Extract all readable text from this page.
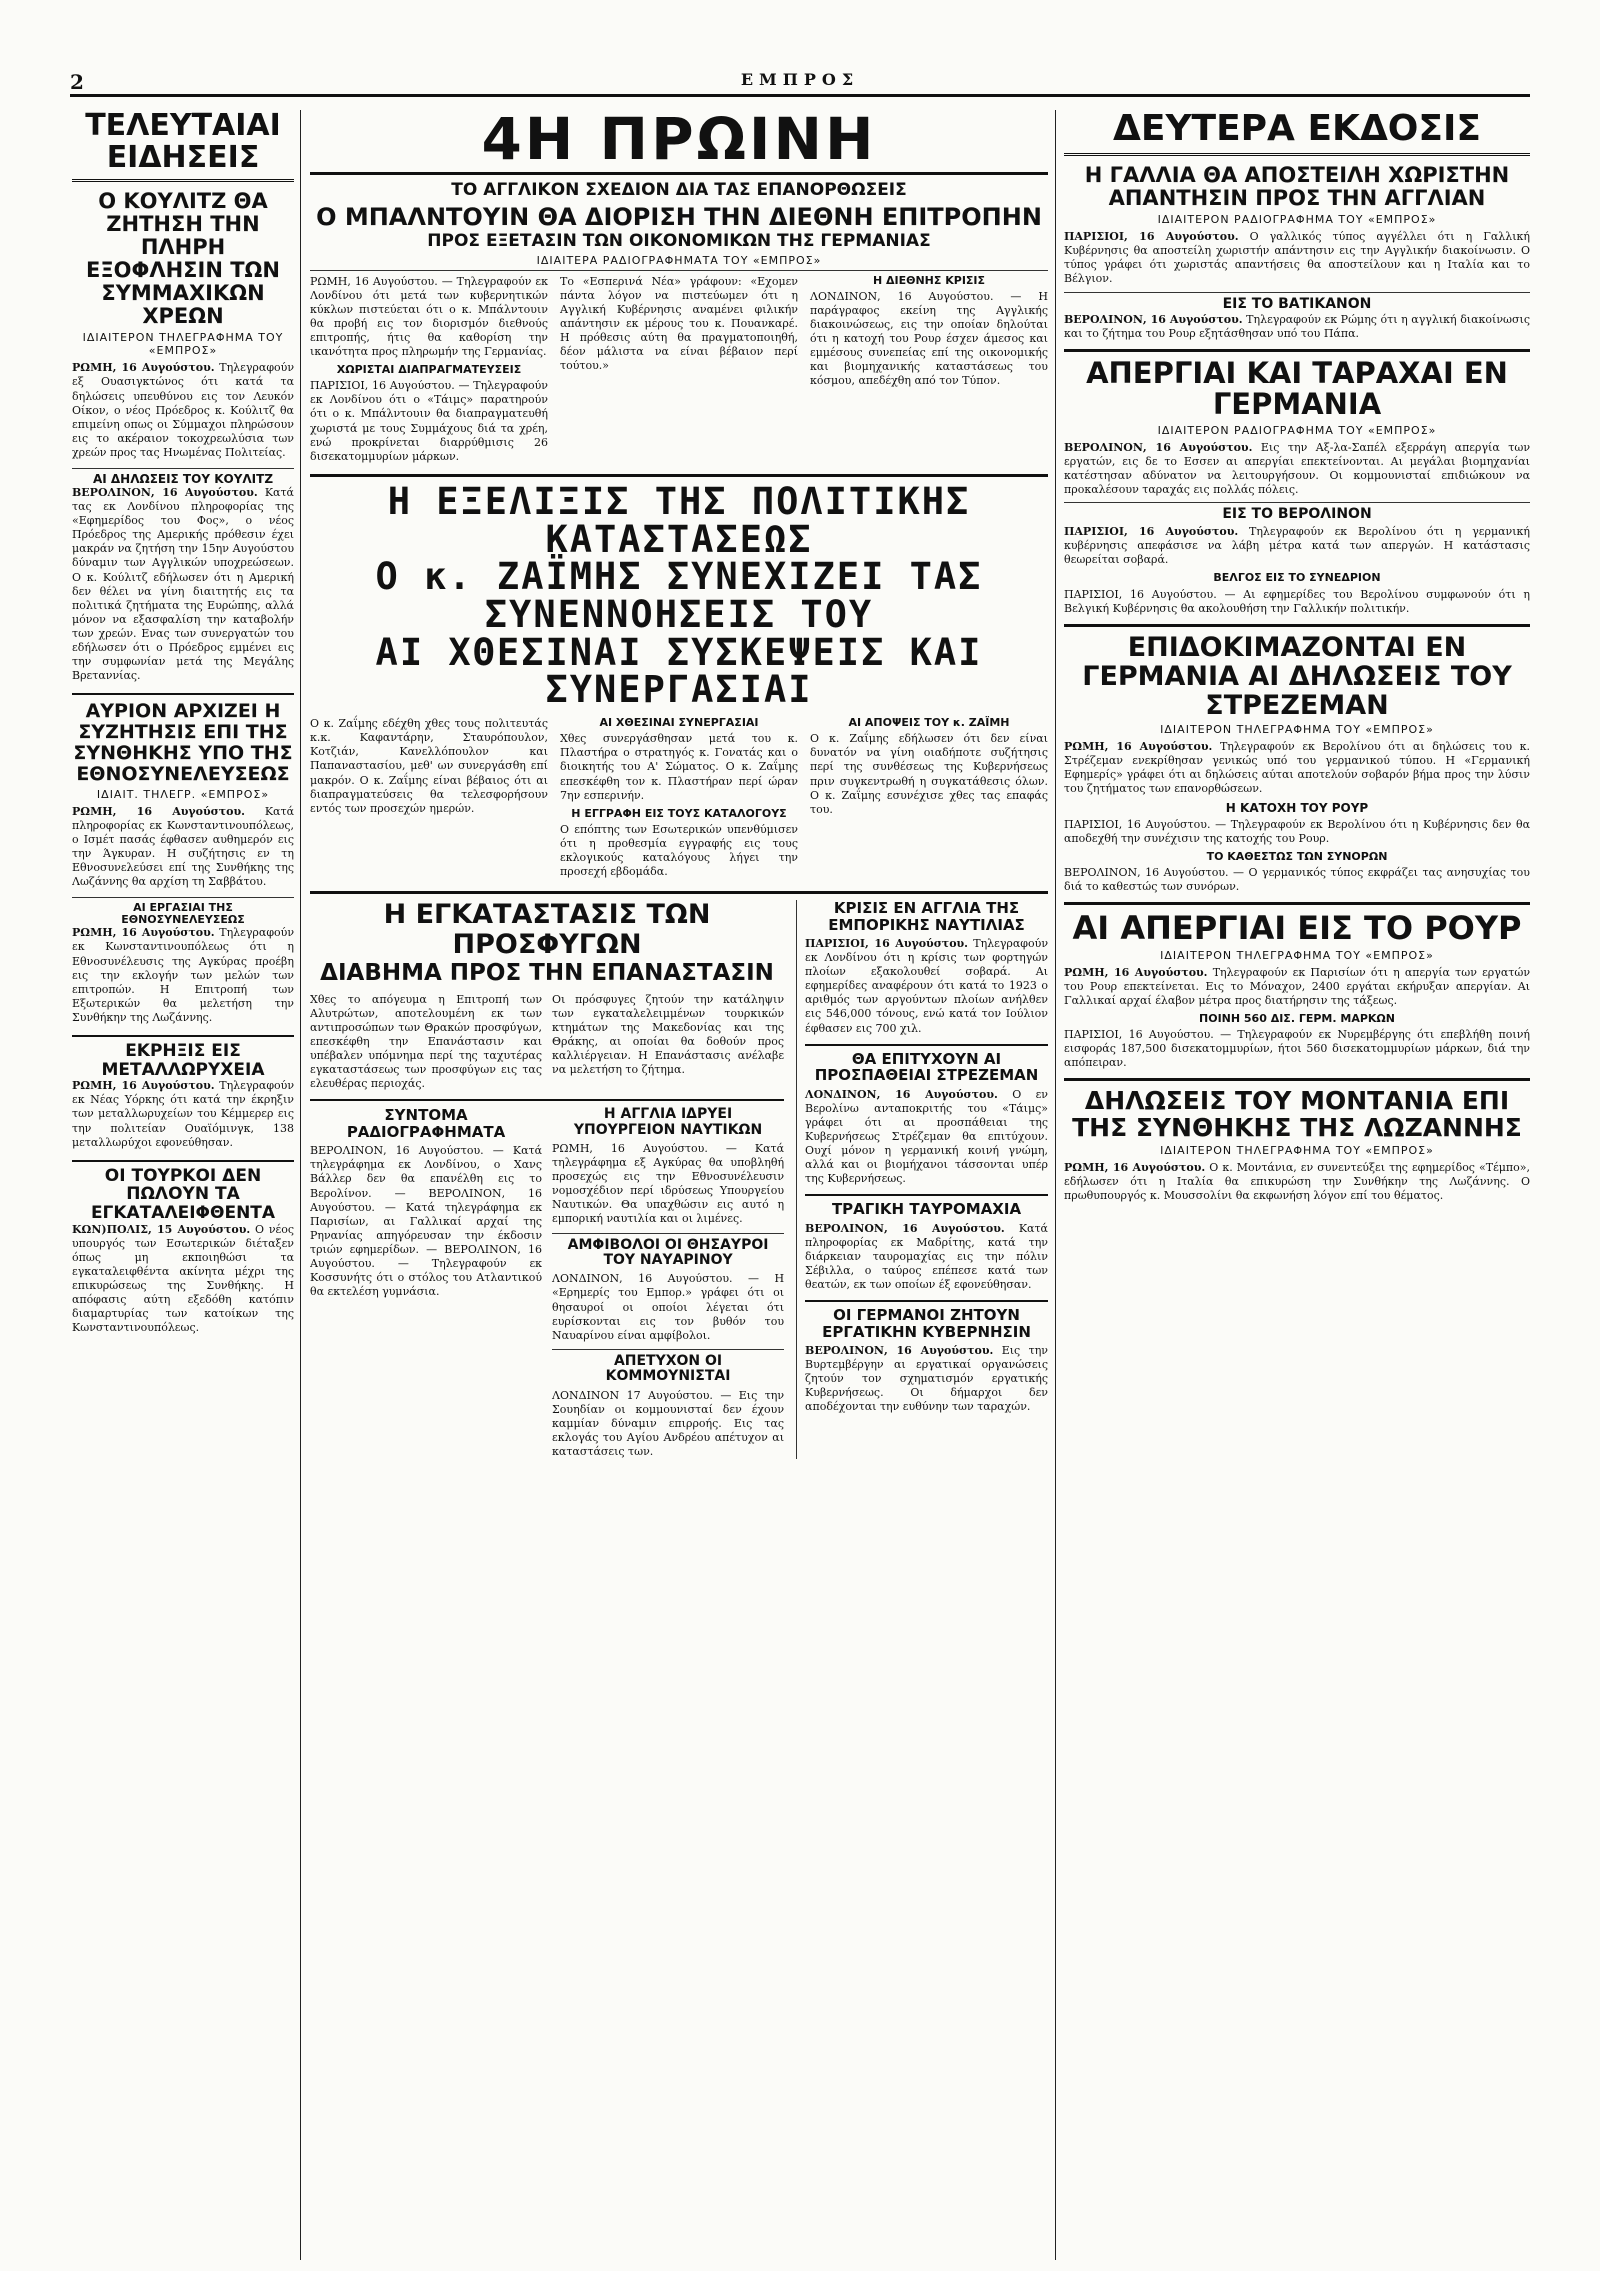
2	ΕΜΠΡΟΣ
ΤΕΛΕΥΤΑΙΑΙ ΕΙΔΗΣΕΙΣ
Ο ΚΟΥΛΙΤΖ ΘΑ ΖΗΤΗΣΗ ΤΗΝ ΠΛΗΡΗ ΕΞΟΦΛΗΣΙΝ ΤΩΝ ΣΥΜΜΑΧΙΚΩΝ ΧΡΕΩΝ
ΙΔΙΑΙΤΕΡΟΝ ΤΗΛΕΓΡΑΦΗΜΑ ΤΟΥ «ΕΜΠΡΟΣ»

ΡΩΜΗ, 16 Αυγούστου. Τηλεγραφούν εξ Ουασιγκτώνος ότι κατά τα δηλώσεις υπευθύνου εις τον Λευκόν Οίκον, ο νέος Πρόεδρος κ. Κούλιτζ θα επιμείνη οπως οι Σύμμαχοι πληρώσουν εις το ακέραιον τοκοχρεωλύσια των χρεών προς τας Ηνωμένας Πολιτείας.

ΑΙ ΔΗΛΩΣΕΙΣ ΤΟΥ ΚΟΥΛΙΤΖ

ΒΕΡΟΛΙΝΟΝ, 16 Αυγούστου. Κατά τας εκ Λονδίνου πληροφορίας της «Εφημερίδος του Φος», ο νέος Πρόεδρος της Αμερικής πρόθεσιν έχει μακράν να ζητήση την 15ην Αυγούστου δύναμιν των Αγγλικών υποχρεώσεων. Ο κ. Κούλιτζ εδήλωσεν ότι η Αμερική δεν θέλει να γίνη διαιτητής εις τα πολιτικά ζητήματα της Ευρώπης, αλλά μόνον να εξασφαλίση την καταβολήν των χρεών. Ενας των συνεργατών του εδήλωσεν ότι ο Πρόεδρος εμμένει εις την συμφωνίαν μετά της Μεγάλης Βρεταννίας.

ΑΥΡΙΟΝ ΑΡΧΙΖΕΙ Η ΣΥΖΗΤΗΣΙΣ ΕΠΙ ΤΗΣ ΣΥΝΘΗΚΗΣ ΥΠΟ ΤΗΣ ΕΘΝΟΣΥΝΕΛΕΥΣΕΩΣ
ΙΔΙΑΙΤ. ΤΗΛΕΓΡ. «ΕΜΠΡΟΣ»

ΡΩΜΗ, 16 Αυγούστου. Κατά πληροφορίας εκ Κωνσταντινουπόλεως, ο Ισμέτ πασάς έφθασεν αυθημερόν εις την Άγκυραν. Η συζήτησις εν τη Εθνοσυνελεύσει επί της Συνθήκης της Λωζάννης θα αρχίση τη Σαββάτου.

ΑΙ ΕΡΓΑΣΙΑΙ ΤΗΣ ΕΘΝΟΣΥΝΕΛΕΥΣΕΩΣ

ΡΩΜΗ, 16 Αυγούστου. Τηλεγραφούν εκ Κωνσταντινουπόλεως ότι η Εθνοσυνέλευσις της Αγκύρας προέβη εις την εκλογήν των μελών των επιτροπών. Η Επιτροπή των Εξωτερικών θα μελετήση την Συνθήκην της Λωζάννης.

ΕΚΡΗΞΙΣ ΕΙΣ ΜΕΤΑΛΛΩΡΥΧΕΙΑ

ΡΩΜΗ, 16 Αυγούστου. Τηλεγραφούν εκ Νέας Υόρκης ότι κατά την έκρηξιν των μεταλλωρυχείων του Κέμμερερ εις την πολιτείαν Ουαϊόμινγκ, 138 μεταλλωρύχοι εφονεύθησαν.

ΟΙ ΤΟΥΡΚΟΙ ΔΕΝ ΠΩΛΟΥΝ ΤΑ ΕΓΚΑΤΑΛΕΙΦΘΕΝΤΑ

ΚΩΝ)ΠΟΛΙΣ, 15 Αυγούστου. Ο νέος υπουργός των Εσωτερικών διέταξεν όπως μη εκποιηθώσι τα εγκαταλειφθέντα ακίνητα μέχρι της επικυρώσεως της Συνθήκης. Η απόφασις αύτη εξεδόθη κατόπιν διαμαρτυρίας των κατοίκων της Κωνσταντινουπόλεως.

4Η ΠΡΩΙΝΗ
ΤΟ ΑΓΓΛΙΚΟΝ ΣΧΕΔΙΟΝ ΔΙΑ ΤΑΣ ΕΠΑΝΟΡΘΩΣΕΙΣ
Ο ΜΠΑΛΝΤΟΥΙΝ ΘΑ ΔΙΟΡΙΣΗ ΤΗΝ ΔΙΕΘΝΗ ΕΠΙΤΡΟΠΗΝ
ΠΡΟΣ ΕΞΕΤΑΣΙΝ ΤΩΝ ΟΙΚΟΝΟΜΙΚΩΝ ΤΗΣ ΓΕΡΜΑΝΙΑΣ
ΙΔΙΑΙΤΕΡΑ ΡΑΔΙΟΓΡΑΦΗΜΑΤΑ ΤΟΥ «ΕΜΠΡΟΣ»

ΡΩΜΗ, 16 Αυγούστου. — Τηλεγραφούν εκ Λονδίνου ότι μετά των κυβερνητικών κύκλων πιστεύεται ότι ο κ. Μπάλντουιν θα προβή εις τον διορισμόν διεθνούς επιτροπής, ήτις θα καθορίση την ικανότητα προς πληρωμήν της Γερμανίας.

ΧΩΡΙΣΤΑΙ ΔΙΑΠΡΑΓΜΑΤΕΥΣΕΙΣ

ΠΑΡΙΣΙΟΙ, 16 Αυγούστου. — Τηλεγραφούν εκ Λονδίνου ότι ο «Τάιμς» παρατηρούν ότι ο κ. Μπάλντουιν θα διαπραγματευθή χωριστά με τους Συμμάχους διά τα χρέη, ενώ προκρίνεται διαρρύθμισις 26 δισεκατομμυρίων μάρκων.

Το «Εσπερινά Νέα» γράφουν: «Εχομεν πάντα λόγον να πιστεύωμεν ότι η Αγγλική Κυβέρνησις αναμένει φιλικήν απάντησιν εκ μέρους του κ. Πουανκαρέ. Η πρόθεσις αύτη θα πραγματοποιηθή, δέον μάλιστα να είναι βέβαιον περί τούτου.»

Η ΔΙΕΘΝΗΣ ΚΡΙΣΙΣ

ΛΟΝΔΙΝΟΝ, 16 Αυγούστου. — Η παράγραφος εκείνη της Αγγλικής διακοινώσεως, εις την οποίαν δηλούται ότι η κατοχή του Ρουρ έσχεν άμεσος και εμμέσους συνεπείας επί της οικονομικής και βιομηχανικής καταστάσεως του κόσμου, απεδέχθη από τον Τύπον.

Η ΕΞΕΛΙΞΙΣ ΤΗΣ ΠΟΛΙΤΙΚΗΣ ΚΑΤΑΣΤΑΣΕΩΣ
Ο κ. ΖΑΪΜΗΣ ΣΥΝΕΧΙΖΕΙ ΤΑΣ ΣΥΝΕΝΝΟΗΣΕΙΣ ΤΟΥ
ΑΙ ΧΘΕΣΙΝΑΙ ΣΥΣΚΕΨΕΙΣ ΚΑΙ ΣΥΝΕΡΓΑΣΙΑΙ

Ο κ. Ζαΐμης εδέχθη χθες τους πολιτευτάς κ.κ. Καφαντάρην, Σταυρόπουλον, Κοτζιάν, Κανελλόπουλον και Παπαναστασίου, μεθ' ων συνεργάσθη επί μακρόν. Ο κ. Ζαΐμης είναι βέβαιος ότι αι διαπραγματεύσεις θα τελεσφορήσουν εντός των προσεχών ημερών.

ΑΙ ΧΘΕΣΙΝΑΙ ΣΥΝΕΡΓΑΣΙΑΙ

Χθες συνεργάσθησαν μετά του κ. Πλαστήρα ο στρατηγός κ. Γονατάς και ο διοικητής του Α' Σώματος. Ο κ. Ζαΐμης επεσκέφθη τον κ. Πλαστήραν περί ώραν 7ην εσπερινήν.

Η ΕΓΓΡΑΦΗ ΕΙΣ ΤΟΥΣ ΚΑΤΑΛΟΓΟΥΣ

Ο επόπτης των Εσωτερικών υπενθύμισεν ότι η προθεσμία εγγραφής εις τους εκλογικούς καταλόγους λήγει την προσεχή εβδομάδα.

ΑΙ ΑΠΟΨΕΙΣ ΤΟΥ κ. ΖΑΪΜΗ

Ο κ. Ζαΐμης εδήλωσεν ότι δεν είναι δυνατόν να γίνη οιαδήποτε συζήτησις περί της συνθέσεως της Κυβερνήσεως πριν συγκεντρωθή η συγκατάθεσις όλων. Ο κ. Ζαΐμης εσυνέχισε χθες τας επαφάς του.

Η ΕΓΚΑΤΑΣΤΑΣΙΣ ΤΩΝ ΠΡΟΣΦΥΓΩΝ
ΔΙΑΒΗΜΑ ΠΡΟΣ ΤΗΝ ΕΠΑΝΑΣΤΑΣΙΝ

Χθες το απόγευμα η Επιτροπή των Αλυτρώτων, αποτελουμένη εκ των αντιπροσώπων των Θρακών προσφύγων, επεσκέφθη την Επανάστασιν και υπέβαλεν υπόμνημα περί της ταχυτέρας εγκαταστάσεως των προσφύγων εις τας ελευθέρας περιοχάς.

Οι πρόσφυγες ζητούν την κατάληψιν των εγκαταλελειμμένων τουρκικών κτημάτων της Μακεδονίας και της Θράκης, αι οποίαι θα δοθούν προς καλλιέργειαν. Η Επανάστασις ανέλαβε να μελετήση το ζήτημα.

ΣΥΝΤΟΜΑ ΡΑΔΙΟΓΡΑΦΗΜΑΤΑ

ΒΕΡΟΛΙΝΟΝ, 16 Αυγούστου. — Κατά τηλεγράφημα εκ Λονδίνου, ο Χανς Βάλλερ δεν θα επανέλθη εις το Βερολίνον. — ΒΕΡΟΛΙΝΟΝ, 16 Αυγούστου. — Κατά τηλεγράφημα εκ Παρισίων, αι Γαλλικαί αρχαί της Ρηνανίας απηγόρευσαν την έκδοσιν τριών εφημερίδων. — ΒΕΡΟΛΙΝΟΝ, 16 Αυγούστου. — Τηλεγραφούν εκ Κοσσυνήτς ότι ο στόλος του Ατλαντικού θα εκτελέση γυμνάσια.

Η ΑΓΓΛΙΑ ΙΔΡΥΕΙ ΥΠΟΥΡΓΕΙΟΝ ΝΑΥΤΙΚΩΝ

ΡΩΜΗ, 16 Αυγούστου. — Κατά τηλεγράφημα εξ Αγκύρας θα υποβληθή προσεχώς εις την Εθνοσυνέλευσιν νομοσχέδιον περί ιδρύσεως Υπουργείου Ναυτικών. Θα υπαχθώσιν εις αυτό η εμπορική ναυτιλία και οι λιμένες.

ΑΜΦΙΒΟΛΟΙ ΟΙ ΘΗΣΑΥΡΟΙ ΤΟΥ ΝΑΥΑΡΙΝΟΥ

ΛΟΝΔΙΝΟΝ, 16 Αυγούστου. — Η «Ερημερίς του Εμπορ.» γράφει ότι οι θησαυροί οι οποίοι λέγεται ότι ευρίσκονται εις τον βυθόν του Ναυαρίνου είναι αμφίβολοι.

ΑΠΕΤΥΧΟΝ ΟΙ ΚΟΜΜΟΥΝΙΣΤΑΙ

ΛΟΝΔΙΝΟΝ 17 Αυγούστου. — Εις την Σουηδίαν οι κομμουνισταί δεν έχουν καμμίαν δύναμιν επιρροής. Εις τας εκλογάς του Αγίου Ανδρέου απέτυχον αι καταστάσεις των.

ΚΡΙΣΙΣ ΕΝ ΑΓΓΛΙΑ ΤΗΣ ΕΜΠΟΡΙΚΗΣ ΝΑΥΤΙΛΙΑΣ

ΠΑΡΙΣΙΟΙ, 16 Αυγούστου. Τηλεγραφούν εκ Λονδίνου ότι η κρίσις των φορτηγών πλοίων εξακολουθεί σοβαρά. Αι εφημερίδες αναφέρουν ότι κατά το 1923 ο αριθμός των αργούντων πλοίων ανήλθεν εις 546,000 τόνους, ενώ κατά τον Ιούλιον έφθασεν εις 700 χιλ.

ΘΑ ΕΠΙΤΥΧΟΥΝ ΑΙ ΠΡΟΣΠΑΘΕΙΑΙ ΣΤΡΕΖΕΜΑΝ

ΛΟΝΔΙΝΟΝ, 16 Αυγούστου. Ο εν Βερολίνω ανταποκριτής του «Τάιμς» γράφει ότι αι προσπάθειαι της Κυβερνήσεως Στρέζεμαν θα επιτύχουν. Ουχί μόνον η γερμανική κοινή γνώμη, αλλά και οι βιομήχανοι τάσσονται υπέρ της Κυβερνήσεως.

ΤΡΑΓΙΚΗ ΤΑΥΡΟΜΑΧΙΑ

ΒΕΡΟΛΙΝΟΝ, 16 Αυγούστου. Κατά πληροφορίας εκ Μαδρίτης, κατά την διάρκειαν ταυρομαχίας εις την πόλιν Σέβιλλα, ο ταύρος επέπεσε κατά των θεατών, εκ των οποίων έξ εφονεύθησαν.

ΟΙ ΓΕΡΜΑΝΟΙ ΖΗΤΟΥΝ ΕΡΓΑΤΙΚΗΝ ΚΥΒΕΡΝΗΣΙΝ

ΒΕΡΟΛΙΝΟΝ, 16 Αυγούστου. Εις την Βυρτεμβέργην αι εργατικαί οργανώσεις ζητούν τον σχηματισμόν εργατικής Κυβερνήσεως. Οι δήμαρχοι δεν αποδέχονται την ευθύνην των ταραχών.

ΔΕΥΤΕΡΑ ΕΚΔΟΣΙΣ
Η ΓΑΛΛΙΑ ΘΑ ΑΠΟΣΤΕΙΛΗ ΧΩΡΙΣΤΗΝ ΑΠΑΝΤΗΣΙΝ ΠΡΟΣ ΤΗΝ ΑΓΓΛΙΑΝ
ΙΔΙΑΙΤΕΡΟΝ ΡΑΔΙΟΓΡΑΦΗΜΑ ΤΟΥ «ΕΜΠΡΟΣ»

ΠΑΡΙΣΙΟΙ, 16 Αυγούστου. Ο γαλλικός τύπος αγγέλλει ότι η Γαλλική Κυβέρνησις θα αποστείλη χωριστήν απάντησιν εις την Αγγλικήν διακοίνωσιν. Ο τύπος γράφει ότι χωριστάς απαντήσεις θα αποστείλουν και η Ιταλία και το Βέλγιον.

ΕΙΣ ΤΟ ΒΑΤΙΚΑΝΟΝ

ΒΕΡΟΛΙΝΟΝ, 16 Αυγούστου. Τηλεγραφούν εκ Ρώμης ότι η αγγλική διακοίνωσις και το ζήτημα του Ρουρ εξητάσθησαν υπό του Πάπα.

ΑΠΕΡΓΙΑΙ ΚΑΙ ΤΑΡΑΧΑΙ ΕΝ ΓΕΡΜΑΝΙΑ
ΙΔΙΑΙΤΕΡΟΝ ΡΑΔΙΟΓΡΑΦΗΜΑ ΤΟΥ «ΕΜΠΡΟΣ»

ΒΕΡΟΛΙΝΟΝ, 16 Αυγούστου. Εις την Αξ-λα-Σαπέλ εξερράγη απεργία των εργατών, εις δε το Εσσεν αι απεργίαι επεκτείνονται. Αι μεγάλαι βιομηχανίαι κατέστησαν αδύνατον να λειτουργήσουν. Οι κομμουνισταί επιδιώκουν να προκαλέσουν ταραχάς εις πολλάς πόλεις.

ΕΙΣ ΤΟ ΒΕΡΟΛΙΝΟΝ

ΠΑΡΙΣΙΟΙ, 16 Αυγούστου. Τηλεγραφούν εκ Βερολίνου ότι η γερμανική κυβέρνησις απεφάσισε να λάβη μέτρα κατά των απεργών. Η κατάστασις θεωρείται σοβαρά.

ΒΕΛΓΟΣ ΕΙΣ ΤΟ ΣΥΝΕΔΡΙΟΝ

ΠΑΡΙΣΙΟΙ, 16 Αυγούστου. — Αι εφημερίδες του Βερολίνου συμφωνούν ότι η Βελγική Κυβέρνησις θα ακολουθήση την Γαλλικήν πολιτικήν.

ΕΠΙΔΟΚΙΜΑΖΟΝΤΑΙ ΕΝ ΓΕΡΜΑΝΙΑ ΑΙ ΔΗΛΩΣΕΙΣ ΤΟΥ ΣΤΡΕΖΕΜΑΝ
ΙΔΙΑΙΤΕΡΟΝ ΤΗΛΕΓΡΑΦΗΜΑ ΤΟΥ «ΕΜΠΡΟΣ»

ΡΩΜΗ, 16 Αυγούστου. Τηλεγραφούν εκ Βερολίνου ότι αι δηλώσεις του κ. Στρέζεμαν ενεκρίθησαν γενικώς υπό του γερμανικού τύπου. Η «Γερμανική Εφημερίς» γράφει ότι αι δηλώσεις αύται αποτελούν σοβαρόν βήμα προς την λύσιν του ζητήματος των επανορθώσεων.

Η ΚΑΤΟΧΗ ΤΟΥ ΡΟΥΡ

ΠΑΡΙΣΙΟΙ, 16 Αυγούστου. — Τηλεγραφούν εκ Βερολίνου ότι η Κυβέρνησις δεν θα αποδεχθή την συνέχισιν της κατοχής του Ρουρ.

ΤΟ ΚΑΘΕΣΤΩΣ ΤΩΝ ΣΥΝΟΡΩΝ

ΒΕΡΟΛΙΝΟΝ, 16 Αυγούστου. — Ο γερμανικός τύπος εκφράζει τας ανησυχίας του διά το καθεστώς των συνόρων.

ΑΙ ΑΠΕΡΓΙΑΙ ΕΙΣ ΤΟ ΡΟΥΡ
ΙΔΙΑΙΤΕΡΟΝ ΤΗΛΕΓΡΑΦΗΜΑ ΤΟΥ «ΕΜΠΡΟΣ»

ΡΩΜΗ, 16 Αυγούστου. Τηλεγραφούν εκ Παρισίων ότι η απεργία των εργατών του Ρουρ επεκτείνεται. Εις το Μόναχον, 2400 εργάται εκήρυξαν απεργίαν. Αι Γαλλικαί αρχαί έλαβον μέτρα προς διατήρησιν της τάξεως.

ΠΟΙΝΗ 560 ΔΙΣ. ΓΕΡΜ. ΜΑΡΚΩΝ

ΠΑΡΙΣΙΟΙ, 16 Αυγούστου. — Τηλεγραφούν εκ Νυρεμβέργης ότι επεβλήθη ποινή εισφοράς 187,500 δισεκατομμυρίων, ήτοι 560 δισεκατομμυρίων μάρκων, διά την απόπειραν.

ΔΗΛΩΣΕΙΣ ΤΟΥ ΜΟΝΤΑΝΙΑ ΕΠΙ ΤΗΣ ΣΥΝΘΗΚΗΣ ΤΗΣ ΛΩΖΑΝΝΗΣ
ΙΔΙΑΙΤΕΡΟΝ ΤΗΛΕΓΡΑΦΗΜΑ ΤΟΥ «ΕΜΠΡΟΣ»

ΡΩΜΗ, 16 Αυγούστου. Ο κ. Μοντάνια, εν συνεντεύξει της εφημερίδος «Τέμπο», εδήλωσεν ότι η Ιταλία θα επικυρώση την Συνθήκην της Λωζάννης. Ο πρωθυπουργός κ. Μουσσολίνι θα εκφωνήση λόγον επί του θέματος.
